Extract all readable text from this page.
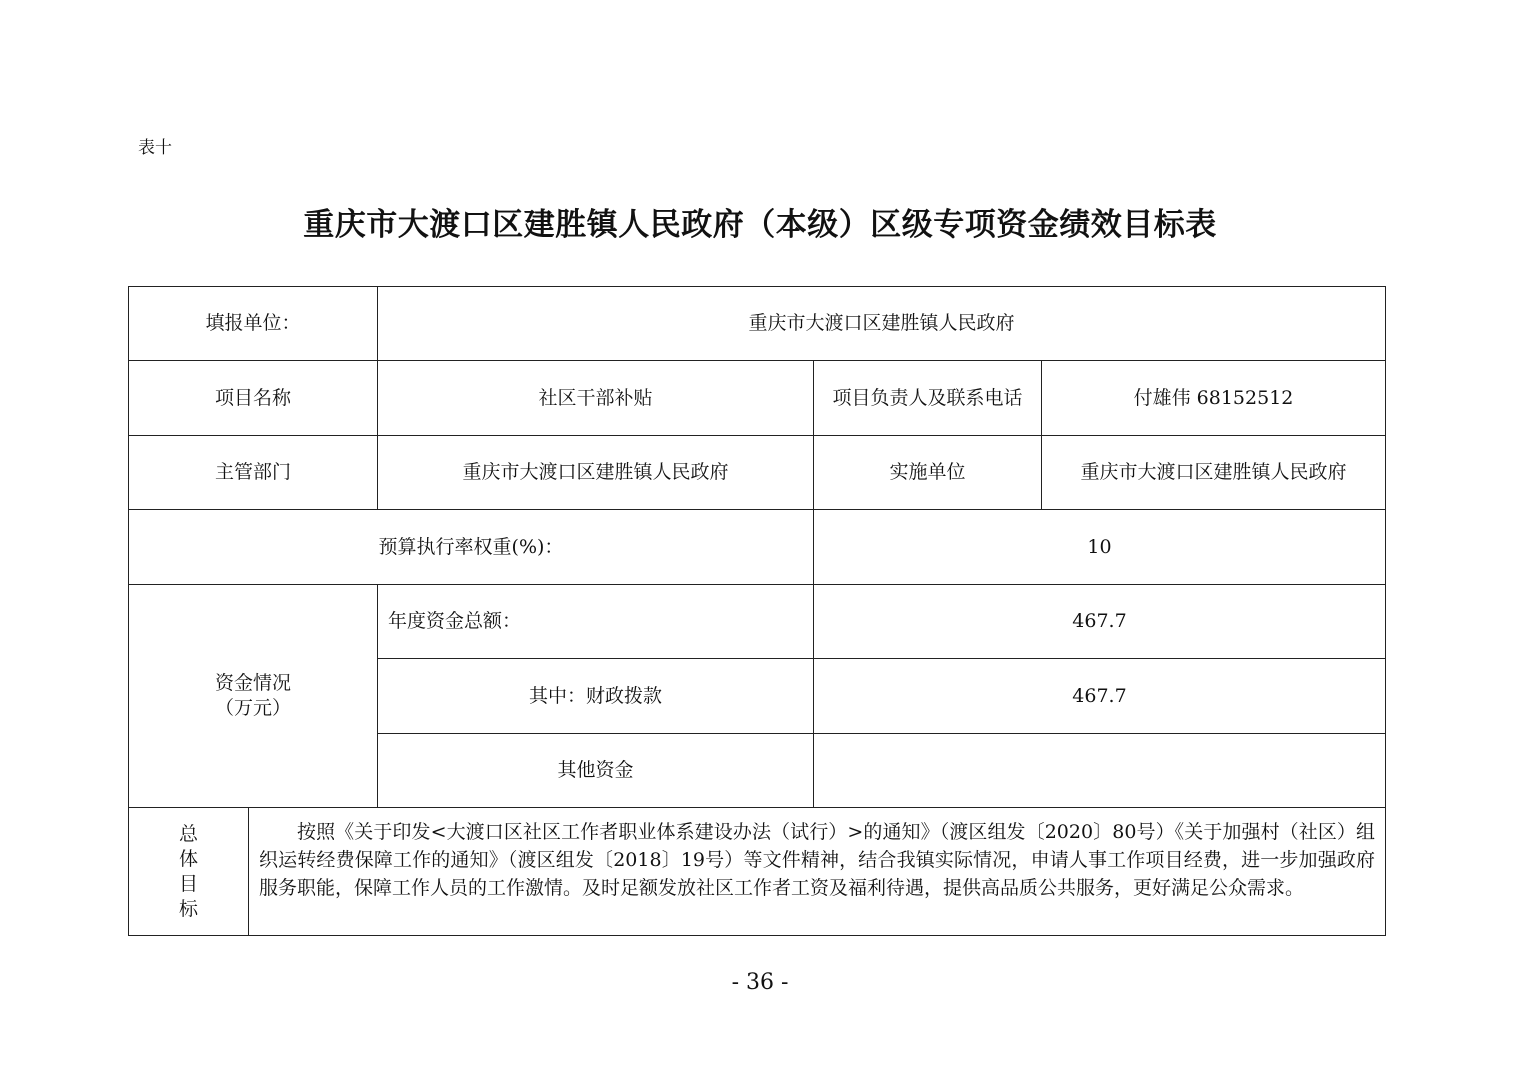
表十
重庆市大渡口区建胜镇人民政府（本级）区级专项资金绩效目标表
填报单位：	重庆市大渡口区建胜镇人民政府
项目名称	社区干部补贴	项目负责人及联系电话	付雄伟 68152512
主管部门	重庆市大渡口区建胜镇人民政府	实施单位	重庆市大渡口区建胜镇人民政府
预算执行率权重(%)：	10
资金情况
（万元）
年度资金总额：	467.7
其中：财政拨款	467.7
其他资金
总
体
目
标
按照《关于印发<大渡口区社区工作者职业体系建设办法（试行）>的通知》（渡区组发〔2020〕80号）《关于加强村（社区）组织运转经费保障工作的通知》（渡区组发〔2018〕19号）等文件精神，结合我镇实际情况，申请人事工作项目经费，进一步加强政府服务职能，保障工作人员的工作激情。及时足额发放社区工作者工资及福利待遇，提供高品质公共服务，更好满足公众需求。
- 36 -
